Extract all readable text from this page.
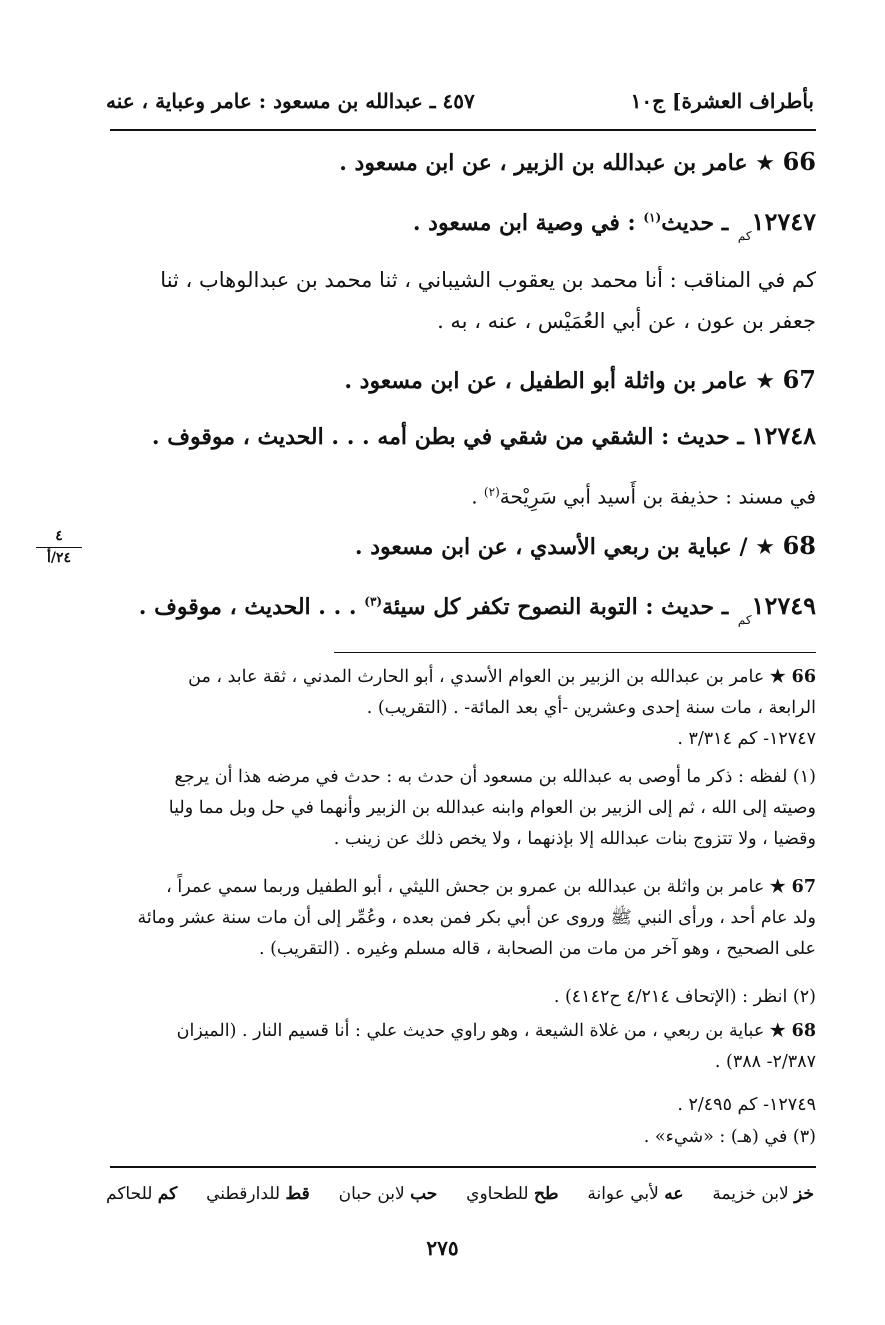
بأطراف العشرة] ج١٠
٤٥٧ ـ عبدالله بن مسعود : عامر وعباية ، عنه
66 ★ عامر بن عبدالله بن الزبير ، عن ابن مسعود .
$١٢٧٤٧_{كم}$ ـ حديث$^{(١)}$ : في وصية ابن مسعود .
كم في المناقب : أنا محمد بن يعقوب الشيباني ، ثنا محمد بن عبدالوهاب ، ثنا
جعفر بن عون ، عن أبي العُمَيْس ، عنه ، به .
67 ★ عامر بن واثلة أبو الطفيل ، عن ابن مسعود .
١٢٧٤٨ ـ حديث : الشقي من شقي في بطن أمه . . . الحديث ، موقوف .
في مسند : حذيفة بن أَسيد أبي سَرِيْحة$^{(٢)}$ .
٤
٢٤/أ	68 ★ / عباية بن ربعي الأسدي ، عن ابن مسعود .
$١٢٧٤٩_{كم}$ ـ حديث : التوبة النصوح تكفر كل سيئة$^{(٣)}$ . . . الحديث ، موقوف .
66 ★ عامر بن عبدالله بن الزبير بن العوام الأسدي ، أبو الحارث المدني ، ثقة عابد ، من
الرابعة ، مات سنة إحدى وعشرين -أي بعد المائة- . (التقريب) .
١٢٧٤٧- كم ٣/٣١٤ .
(١) لفظه : ذكر ما أوصى به عبدالله بن مسعود أن حدث به : حدث في مرضه هذا أن يرجع
وصيته إلى الله ، ثم إلى الزبير بن العوام وابنه عبدالله بن الزبير وأنهما في حل وبل مما وليا
وقضيا ، ولا تتزوج بنات عبدالله إلا بإذنهما ، ولا يخص ذلك عن زينب .
67 ★ عامر بن واثلة بن عبدالله بن عمرو بن جحش الليثي ، أبو الطفيل وربما سمي عمراً ،
ولد عام أحد ، ورأى النبي ﷺ وروى عن أبي بكر فمن بعده ، وعُمِّر إلى أن مات سنة عشر ومائة
على الصحيح ، وهو آخر من مات من الصحابة ، قاله مسلم وغيره . (التقريب) .
(٢) انظر : (الإتحاف ٤/٢١٤ ح٤١٤٢) .
68 ★ عباية بن ربعي ، من غلاة الشيعة ، وهو راوي حديث علي : أنا قسيم النار . (الميزان
٢/٣٨٧- ٣٨٨) .
١٢٧٤٩- كم ٢/٤٩٥ .
(٣) في (هـ) : «شيء» .
خز لابن خزيمة
عه لأبي عوانة
طح للطحاوي
حب لابن حبان
قط للدارقطني
كم للحاكم
٢٧٥
